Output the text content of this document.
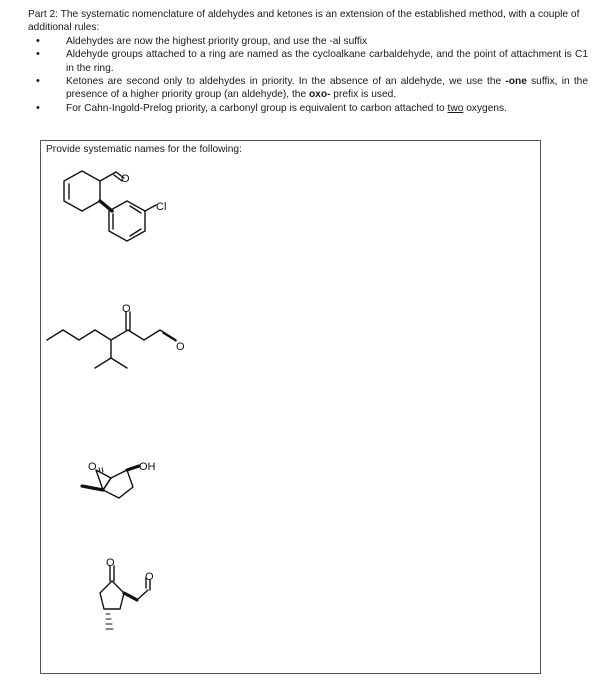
Part 2: The systematic nomenclature of aldehydes and ketones is an extension of the established method, with a couple of additional rules:

• Aldehydes are now the highest priority group, and use the -al suffix
• Aldehyde groups attached to a ring are named as the cycloalkane carbaldehyde, and the point of attachment is C1 in the ring.
• Ketones are second only to aldehydes in priority. In the absence of an aldehyde, we use the -one suffix, in the presence of a higher priority group (an aldehyde), the oxo- prefix is used.
• For Cahn-Ingold-Prelog priority, a carbonyl group is equivalent to carbon attached to two oxygens.
Provide systematic names for the following:
O
Cl
O
O
O	OH
O
O
